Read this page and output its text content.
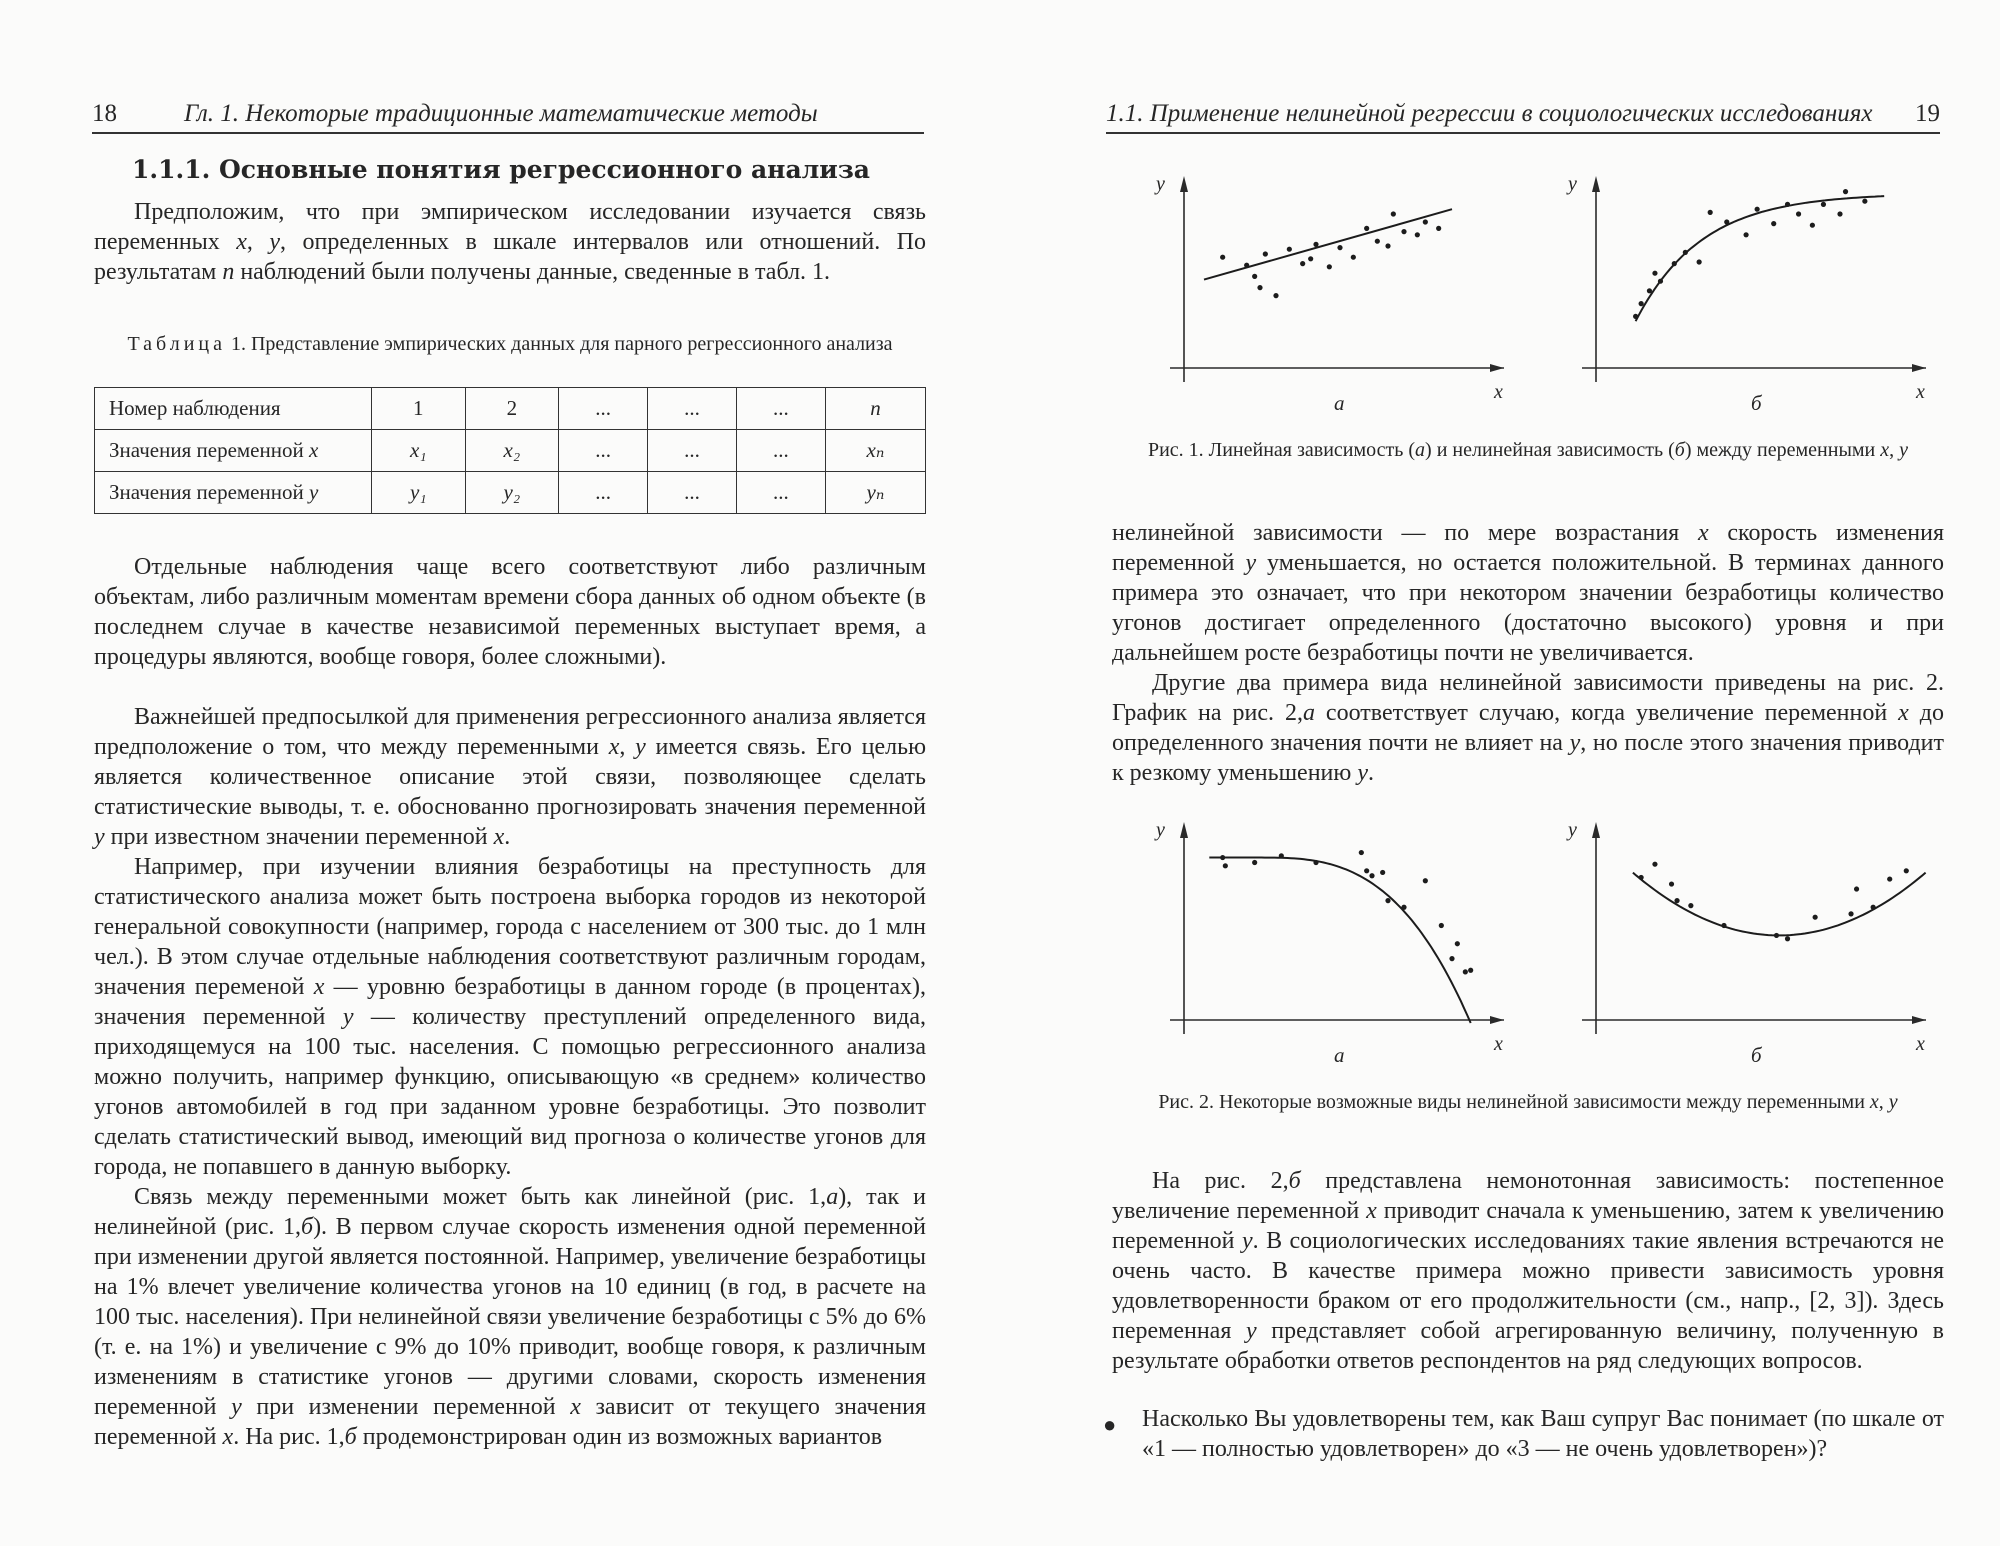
18	Гл. 1. Некоторые традиционные математические методы
1.1.1. Основные понятия регрессионного анализа

Предположим, что при эмпирическом исследовании изучается связь переменных x, y, определенных в шкале интервалов или отношений. По результатам n наблюдений были получены данные, сведенные в табл. 1.

Таблица 1. Представление эмпирических данных для парного регрессионного анализа

Номер наблюдения	1	2	...	...	...	n
Значения переменной x	x₁	x₂	...	...	...	xₙ
Значения переменной y	y₁	y₂	...	...	...	yₙ

Отдельные наблюдения чаще всего соответствуют либо различным объектам, либо различным моментам времени сбора данных об одном объекте (в последнем случае в качестве независимой переменных выступает время, а процедуры являются, вообще говоря, более сложными).

Важнейшей предпосылкой для применения регрессионного анализа является предположение о том, что между переменными x, y имеется связь. Его целью является количественное описание этой связи, позволяющее сделать статистические выводы, т. е. обоснованно прогнозировать значения переменной y при известном значении переменной x.

Например, при изучении влияния безработицы на преступность для статистического анализа может быть построена выборка городов из некоторой генеральной совокупности (например, города с населением от 300 тыс. до 1 млн чел.). В этом случае отдельные наблюдения соответствуют различным городам, значения переменой x — уровню безработицы в данном городе (в процентах), значения переменной y — количеству преступлений определенного вида, приходящемуся на 100 тыс. населения. С помощью регрессионного анализа можно получить, например функцию, описывающую «в среднем» количество угонов автомобилей в год при заданном уровне безработицы. Это позволит сделать статистический вывод, имеющий вид прогноза о количестве угонов для города, не попавшего в данную выборку.

Связь между переменными может быть как линейной (рис. 1,а), так и нелинейной (рис. 1,б). В первом случае скорость изменения одной переменной при изменении другой является постоянной. Например, увеличение безработицы на 1% влечет увеличение количества угонов на 10 единиц (в год, в расчете на 100 тыс. населения). При нелинейной связи увеличение безработицы с 5% до 6% (т. е. на 1%) и увеличение с 9% до 10% приводит, вообще говоря, к различным изменениям в статистике угонов — другими словами, скорость изменения переменной y при изменении переменной x зависит от текущего значения переменной x. На рис. 1,б продемонстрирован один из возможных вариантов

1.1. Применение нелинейной регрессии в социологических исследованиях 19
y
x
а
y
x
б

Рис. 1. Линейная зависимость (а) и нелинейная зависимость (б) между переменными x, y

нелинейной зависимости — по мере возрастания x скорость изменения переменной y уменьшается, но остается положительной. В терминах данного примера это означает, что при некотором значении безработицы количество угонов достигает определенного (достаточно высокого) уровня и при дальнейшем росте безработицы почти не увеличивается.

Другие два примера вида нелинейной зависимости приведены на рис. 2. График на рис. 2,а соответствует случаю, когда увеличение переменной x до определенного значения почти не влияет на y, но после этого значения приводит к резкому уменьшению y.

y
x
а
y
x
б

Рис. 2. Некоторые возможные виды нелинейной зависимости между переменными x, y

На рис. 2,б представлена немонотонная зависимость: постепенное увеличение переменной x приводит сначала к уменьшению, затем к увеличению переменной y. В социологических исследованиях такие явления встречаются не очень часто. В качестве примера можно привести зависимость уровня удовлетворенности браком от его продолжительности (см., напр., [2, 3]). Здесь переменная y представляет собой агрегированную величину, полученную в результате обработки ответов респондентов на ряд следующих вопросов.

Насколько Вы удовлетворены тем, как Ваш супруг Вас понимает (по шкале от «1 — полностью удовлетворен» до «3 — не очень удовлетворен»)?

●
